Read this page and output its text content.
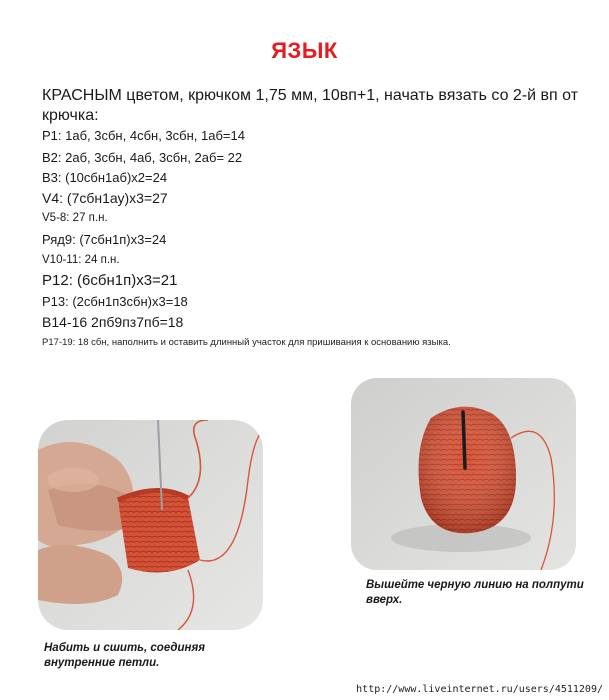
ЯЗЫК
КРАСНЫМ цветом, крючком 1,75 мм, 10вп+1, начать вязать со 2-й вп от крючка:
Р1: 1аб, 3сбн, 4сбн, 3сбн, 1аб=14
В2: 2аб, 3сбн, 4аб, 3сбн, 2аб= 22
В3: (10сбн1аб)х2=24
V4: (7сбн1ау)х3=27
V5-8: 27 п.н.
Ряд9: (7сбн1п)х3=24
V10-11: 24 п.н.
Р12: (6сбн1п)х3=21
Р13: (2сбн1п3сбн)х3=18
В14-16 2пб9пз7пб=18
Р17-19: 18 сбн, наполнить и оставить длинный участок для пришивания к основанию языка.
Вышейте черную линию на полпути вверх.
Набить и сшить, соединяя внутренние петли.
http://www.liveinternet.ru/users/4511209/
